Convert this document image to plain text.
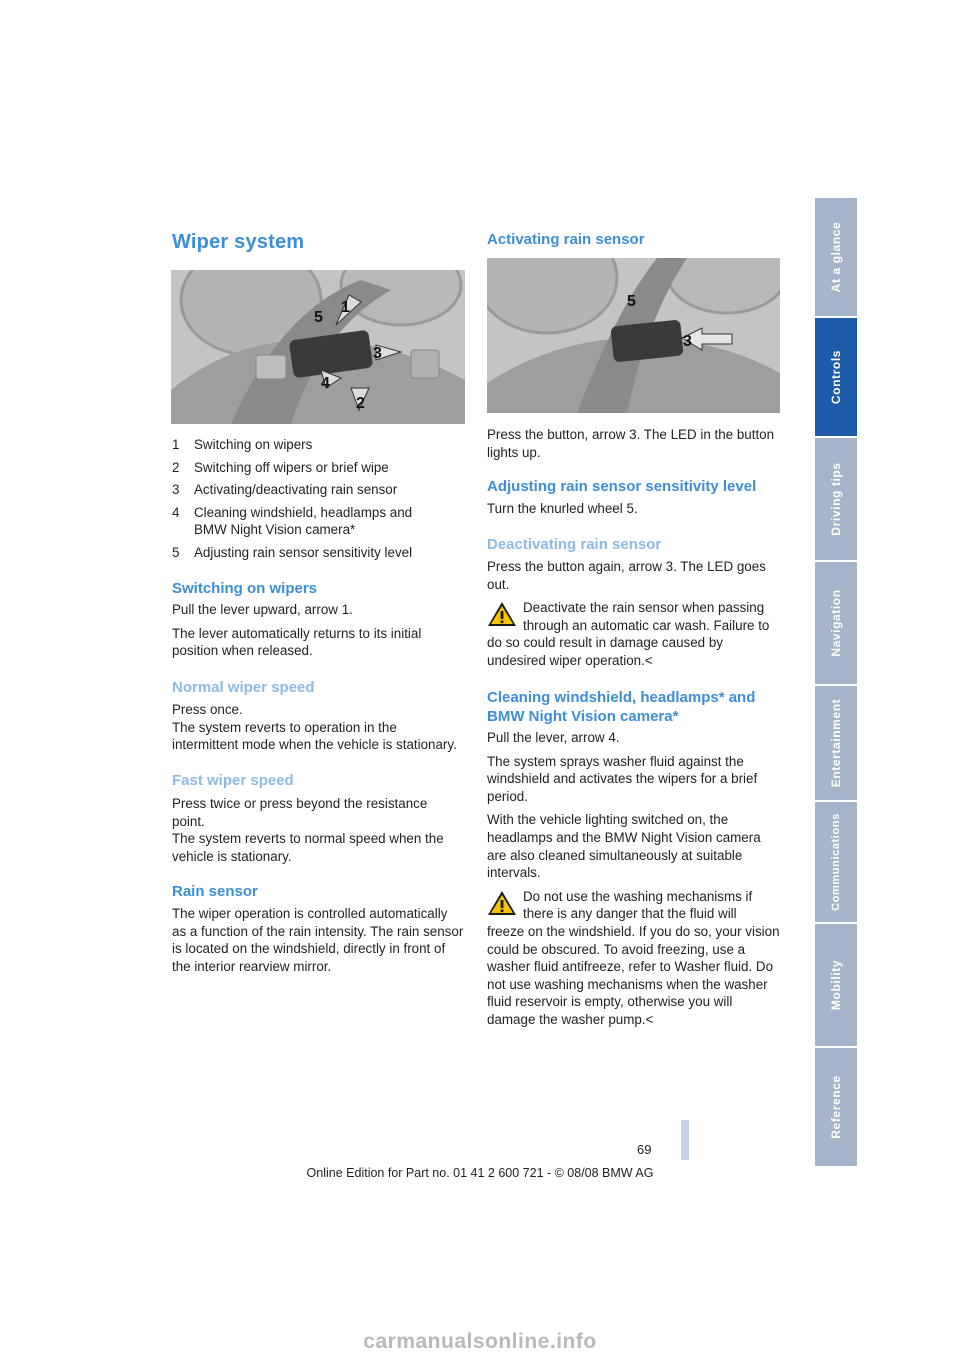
At a glance
Controls
Driving tips
Navigation
Entertainment
Communications
Mobility
Reference
Wiper system
1
2
3
4
5
1	Switching on wipers
2	Switching off wipers or brief wipe
3	Activating/deactivating rain sensor
4	Cleaning windshield, headlamps and BMW Night Vision camera*
5	Adjusting rain sensor sensitivity level
Switching on wipers

Pull the lever upward, arrow 1.

The lever automatically returns to its initial position when released.

Normal wiper speed
Press once.
The system reverts to operation in the intermittent mode when the vehicle is stationary.
Fast wiper speed
Press twice or press beyond the resistance point.
The system reverts to normal speed when the vehicle is stationary.
Rain sensor

The wiper operation is controlled automatically as a function of the rain intensity. The rain sensor is located on the windshield, directly in front of the interior rearview mirror.

Activating rain sensor
5
3

Press the button, arrow 3. The LED in the button lights up.

Adjusting rain sensor sensitivity level

Turn the knurled wheel 5.

Deactivating rain sensor

Press the button again, arrow 3. The LED goes out.

Deactivate the rain sensor when passing through an automatic car wash. Failure to
do so could result in damage caused by undesired wiper operation.<
Cleaning windshield, headlamps* and BMW Night Vision camera*

Pull the lever, arrow 4.

The system sprays washer fluid against the windshield and activates the wipers for a brief period.

With the vehicle lighting switched on, the headlamps and the BMW Night Vision camera are also cleaned simultaneously at suitable intervals.

Do not use the washing mechanisms if there is any danger that the fluid will
freeze on the windshield. If you do so, your vision could be obscured. To avoid freezing, use a washer fluid antifreeze, refer to Washer fluid. Do not use washing mechanisms when the washer fluid reservoir is empty, otherwise you will damage the washer pump.<
69
Online Edition for Part no. 01 41 2 600 721 - © 08/08 BMW AG
carmanualsonline.info
